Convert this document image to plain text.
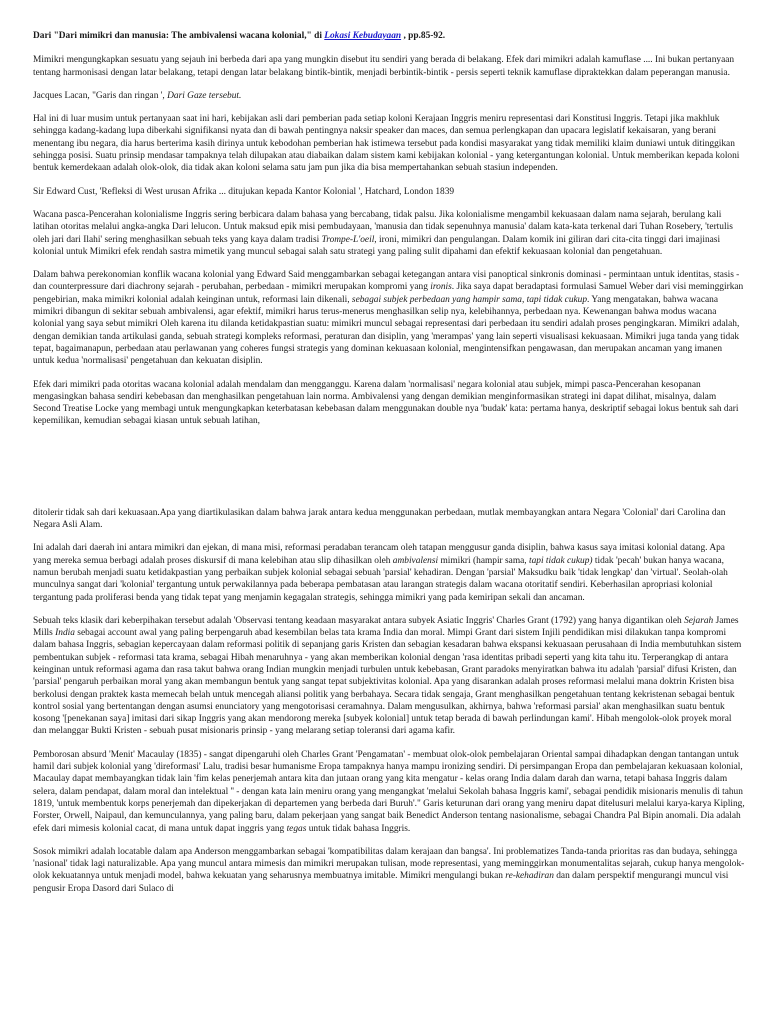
Dari "Dari mimikri dan manusia: The ambivalensi wacana kolonial," di Lokasi Kebudayaan , pp.85-92.

Mimikri mengungkapkan sesuatu yang sejauh ini berbeda dari apa yang mungkin disebut itu sendiri yang berada di belakang. Efek dari mimikri adalah kamuflase .... Ini bukan pertanyaan tentang harmonisasi dengan latar belakang, tetapi dengan latar belakang bintik-bintik, menjadi berbintik-bintik - persis seperti teknik kamuflase dipraktekkan dalam peperangan manusia.

Jacques Lacan, "Garis dan ringan ', Dari Gaze tersebut.

Hal ini di luar musim untuk pertanyaan saat ini hari, kebijakan asli dari pemberian pada setiap koloni Kerajaan Inggris meniru representasi dari Konstitusi Inggris. Tetapi jika makhluk sehingga kadang-kadang lupa diberkahi signifikansi nyata dan di bawah pentingnya naksir speaker dan maces, dan semua perlengkapan dan upacara legislatif kekaisaran, yang berani menentang ibu negara, dia harus berterima kasih dirinya untuk kebodohan pemberian hak istimewa tersebut pada kondisi masyarakat yang tidak memiliki klaim duniawi untuk ditinggikan sehingga posisi. Suatu prinsip mendasar tampaknya telah dilupakan atau diabaikan dalam sistem kami kebijakan kolonial - yang ketergantungan kolonial. Untuk memberikan kepada koloni bentuk kemerdekaan adalah olok-olok, dia tidak akan koloni selama satu jam pun jika dia bisa mempertahankan sebuah stasiun independen.

Sir Edward Cust, 'Refleksi di West urusan Afrika ... ditujukan kepada Kantor Kolonial ', Hatchard, London 1839

Wacana pasca-Pencerahan kolonialisme Inggris sering berbicara dalam bahasa yang bercabang, tidak palsu. Jika kolonialisme mengambil kekuasaan dalam nama sejarah, berulang kali latihan otoritas melalui angka-angka Dari lelucon. Untuk maksud epik misi pembudayaan, 'manusia dan tidak sepenuhnya manusia' dalam kata-kata terkenal dari Tuhan Rosebery, 'tertulis oleh jari dari Ilahi' sering menghasilkan sebuah teks yang kaya dalam tradisi Trompe-L'oeil, ironi, mimikri dan pengulangan. Dalam komik ini giliran dari cita-cita tinggi dari imajinasi kolonial untuk Mimikri efek rendah sastra mimetik yang muncul sebagai salah satu strategi yang paling sulit dipahami dan efektif kekuasaan kolonial dan pengetahuan.

Dalam bahwa perekonomian konflik wacana kolonial yang Edward Said menggambarkan sebagai ketegangan antara visi panoptical sinkronis dominasi - permintaan untuk identitas, stasis - dan counterpressure dari diachrony sejarah - perubahan, perbedaan - mimikri merupakan kompromi yang ironis. Jika saya dapat beradaptasi formulasi Samuel Weber dari visi meminggirkan pengebirian, maka mimikri kolonial adalah keinginan untuk, reformasi lain dikenali, sebagai subjek perbedaan yang hampir sama, tapi tidak cukup. Yang mengatakan, bahwa wacana mimikri dibangun di sekitar sebuah ambivalensi, agar efektif, mimikri harus terus-menerus menghasilkan selip nya, kelebihannya, perbedaan nya. Kewenangan bahwa modus wacana kolonial yang saya sebut mimikri Oleh karena itu dilanda ketidakpastian suatu: mimikri muncul sebagai representasi dari perbedaan itu sendiri adalah proses pengingkaran. Mimikri adalah, dengan demikian tanda artikulasi ganda, sebuah strategi kompleks reformasi, peraturan dan disiplin, yang 'merampas' yang lain seperti visualisasi kekuasaan. Mimikri juga tanda yang tidak tepat, bagaimanapun, perbedaan atau perlawanan yang coheres fungsi strategis yang dominan kekuasaan kolonial, mengintensifkan pengawasan, dan merupakan ancaman yang imanen untuk kedua 'normalisasi' pengetahuan dan kekuatan disiplin.

Efek dari mimikri pada otoritas wacana kolonial adalah mendalam dan mengganggu. Karena dalam 'normalisasi' negara kolonial atau subjek, mimpi pasca-Pencerahan kesopanan mengasingkan bahasa sendiri kebebasan dan menghasilkan pengetahuan lain norma. Ambivalensi yang dengan demikian menginformasikan strategi ini dapat dilihat, misalnya, dalam Second Treatise Locke yang membagi untuk mengungkapkan keterbatasan kebebasan dalam menggunakan double nya 'budak' kata: pertama hanya, deskriptif sebagai lokus bentuk sah dari kepemilikan, kemudian sebagai kiasan untuk sebuah latihan,

ditolerir tidak sah dari kekuasaan.Apa yang diartikulasikan dalam bahwa jarak antara kedua menggunakan perbedaan, mutlak membayangkan antara Negara 'Colonial' dari Carolina dan Negara Asli Alam.

Ini adalah dari daerah ini antara mimikri dan ejekan, di mana misi, reformasi peradaban terancam oleh tatapan menggusur ganda disiplin, bahwa kasus saya imitasi kolonial datang. Apa yang mereka semua berbagi adalah proses diskursif di mana kelebihan atau slip dihasilkan oleh ambivalensi mimikri (hampir sama, tapi tidak cukup) tidak 'pecah' bukan hanya wacana, namun berubah menjadi suatu ketidakpastian yang perbaikan subjek kolonial sebagai sebuah 'parsial' kehadiran. Dengan 'parsial' Maksudku baik 'tidak lengkap' dan 'virtual'. Seolah-olah munculnya sangat dari 'kolonial' tergantung untuk perwakilannya pada beberapa pembatasan atau larangan strategis dalam wacana otoritatif sendiri. Keberhasilan apropriasi kolonial tergantung pada proliferasi benda yang tidak tepat yang menjamin kegagalan strategis, sehingga mimikri yang pada kemiripan sekali dan ancaman.

Sebuah teks klasik dari keberpihakan tersebut adalah 'Observasi tentang keadaan masyarakat antara subyek Asiatic Inggris' Charles Grant (1792) yang hanya digantikan oleh Sejarah James Mills India sebagai account awal yang paling berpengaruh abad kesembilan belas tata krama India dan moral. Mimpi Grant dari sistem Injili pendidikan misi dilakukan tanpa kompromi dalam bahasa Inggris, sebagian kepercayaan dalam reformasi politik di sepanjang garis Kristen dan sebagian kesadaran bahwa ekspansi kekuasaan perusahaan di India membutuhkan sistem pembentukan subjek - reformasi tata krama, sebagai Hibah menaruhnya - yang akan memberikan kolonial dengan 'rasa identitas pribadi seperti yang kita tahu itu. Terperangkap di antara keinginan untuk reformasi agama dan rasa takut bahwa orang Indian mungkin menjadi turbulen untuk kebebasan, Grant paradoks menyiratkan bahwa itu adalah 'parsial' difusi Kristen, dan 'parsial' pengaruh perbaikan moral yang akan membangun bentuk yang sangat tepat subjektivitas kolonial. Apa yang disarankan adalah proses reformasi melalui mana doktrin Kristen bisa berkolusi dengan praktek kasta memecah belah untuk mencegah aliansi politik yang berbahaya. Secara tidak sengaja, Grant menghasilkan pengetahuan tentang kekristenan sebagai bentuk kontrol sosial yang bertentangan dengan asumsi enunciatory yang mengotorisasi ceramahnya. Dalam mengusulkan, akhirnya, bahwa 'reformasi parsial' akan menghasilkan suatu bentuk kosong '[penekanan saya] imitasi dari sikap Inggris yang akan mendorong mereka [subyek kolonial] untuk tetap berada di bawah perlindungan kami'. Hibah mengolok-olok proyek moral dan melanggar Bukti Kristen - sebuah pusat misionaris prinsip - yang melarang setiap toleransi dari agama kafir.

Pemborosan absurd 'Menit' Macaulay (1835) - sangat dipengaruhi oleh Charles Grant 'Pengamatan' - membuat olok-olok pembelajaran Oriental sampai dihadapkan dengan tantangan untuk hamil dari subjek kolonial yang 'direformasi' Lalu, tradisi besar humanisme Eropa tampaknya hanya mampu ironizing sendiri. Di persimpangan Eropa dan pembelajaran kekuasaan kolonial, Macaulay dapat membayangkan tidak lain 'fim kelas penerjemah antara kita dan jutaan orang yang kita mengatur - kelas orang India dalam darah dan warna, tetapi bahasa Inggris dalam selera, dalam pendapat, dalam moral dan intelektual '' - dengan kata lain meniru orang yang mengangkat 'melalui Sekolah bahasa Inggris kami', sebagai pendidik misionaris menulis di tahun 1819, 'untuk membentuk korps penerjemah dan dipekerjakan di departemen yang berbeda dari Buruh'." Garis keturunan dari orang yang meniru dapat ditelusuri melalui karya-karya Kipling, Forster, Orwell, Naipaul, dan kemunculannya, yang paling baru, dalam pekerjaan yang sangat baik Benedict Anderson tentang nasionalisme, sebagai Chandra Pal Bipin anomali. Dia adalah efek dari mimesis kolonial cacat, di mana untuk dapat inggris yang tegas untuk tidak bahasa Inggris.

Sosok mimikri adalah locatable dalam apa Anderson menggambarkan sebagai 'kompatibilitas dalam kerajaan dan bangsa'. Ini problematizes Tanda-tanda prioritas ras dan budaya, sehingga 'nasional' tidak lagi naturalizable. Apa yang muncul antara mimesis dan mimikri merupakan tulisan, mode representasi, yang meminggirkan monumentalitas sejarah, cukup hanya mengolok-olok kekuatannya untuk menjadi model, bahwa kekuatan yang seharusnya membuatnya imitable. Mimikri mengulangi bukan re-kehadiran dan dalam perspektif mengurangi muncul visi pengusir Eropa Dasord dari Sulaco di
